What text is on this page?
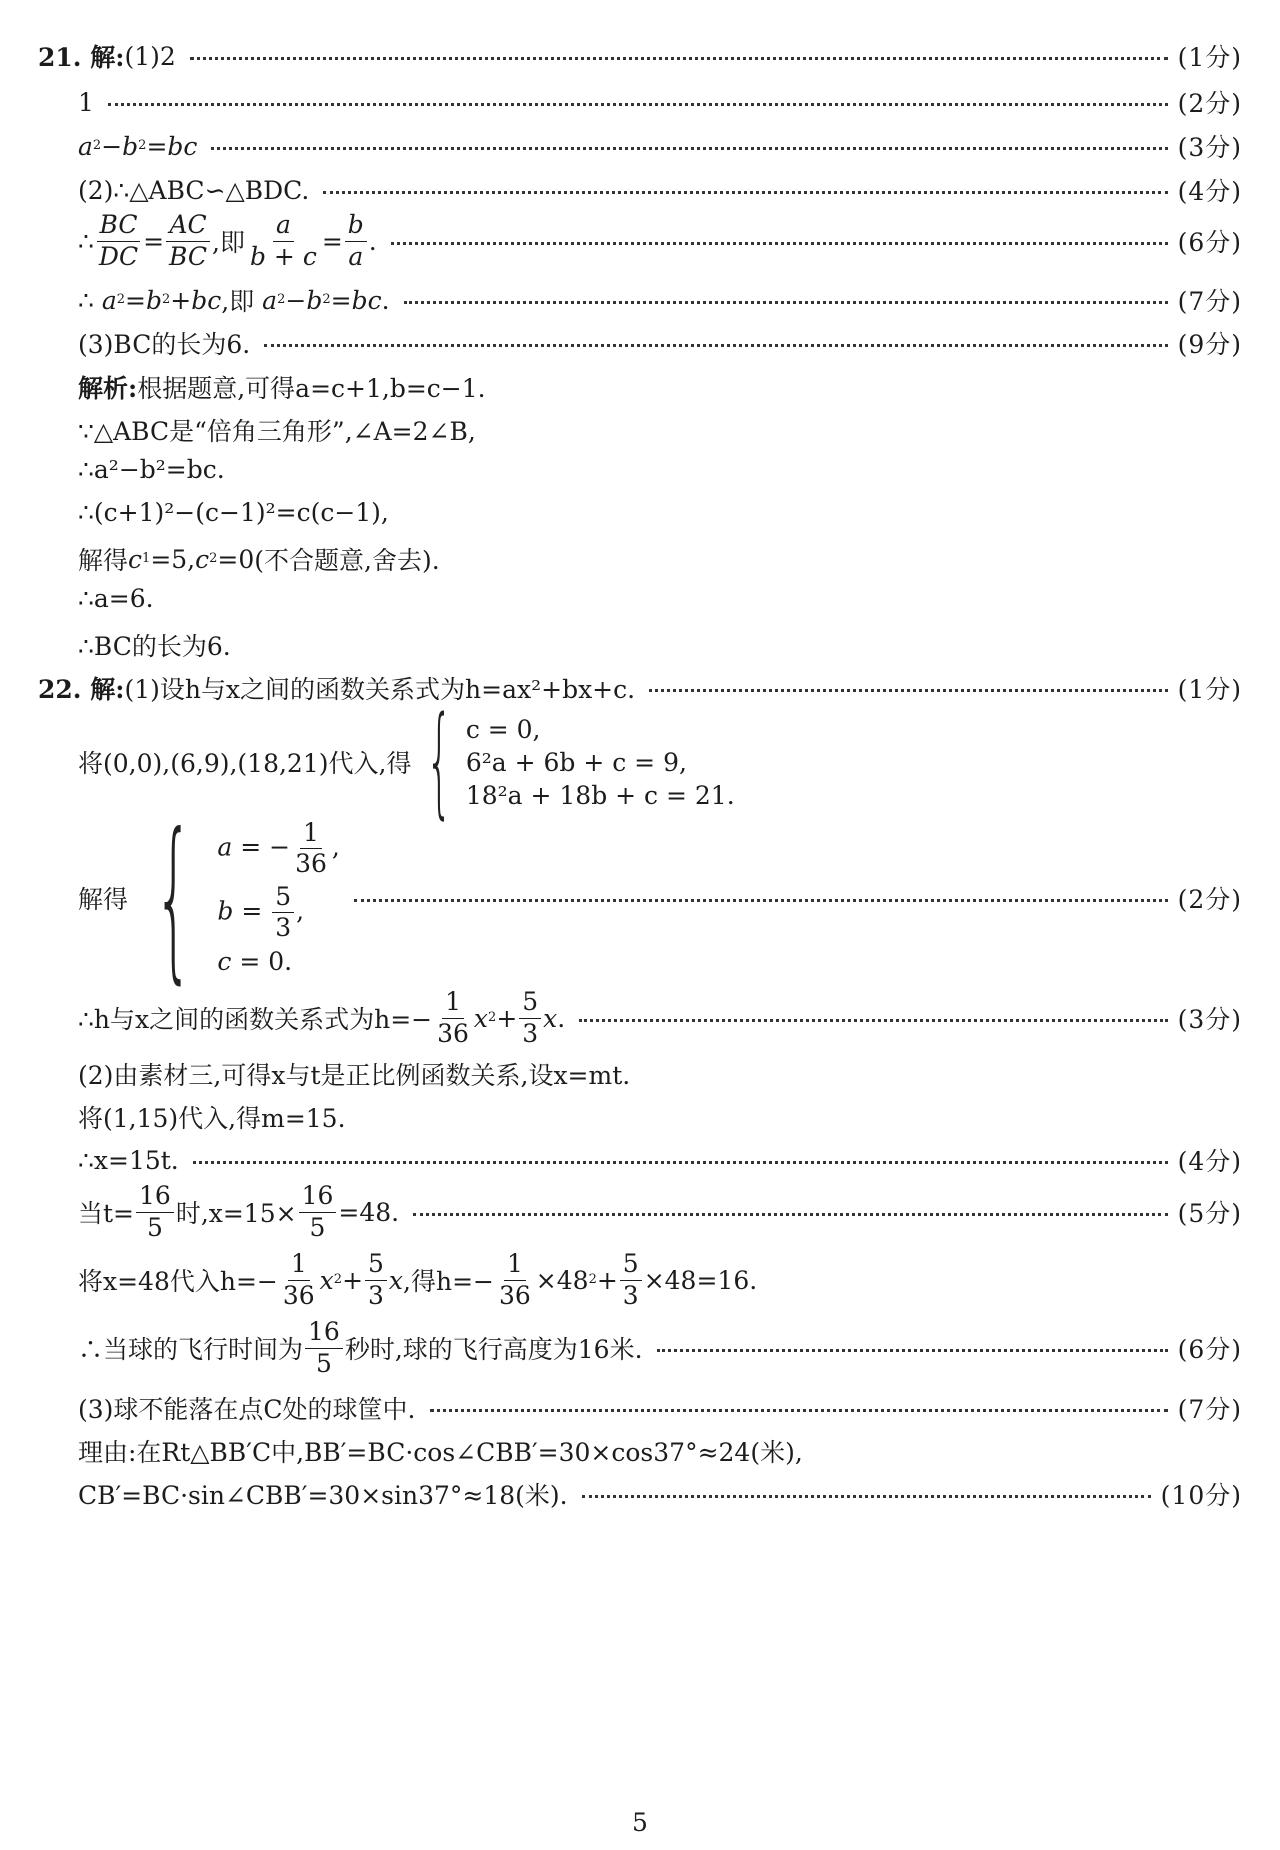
21. 解: (1)2	(1分)
1	(2分)
a 2 − b 2 = bc	(3分)
(2)∴△ABC∽△BDC.	(4分)
∴ $\frac{BC}{DC} = \frac{AC}{BC}$ ,即 $\frac{a}{b + c} = \frac{b}{a}$ .	(6分)
∴ a 2 = b 2 + bc ,即 a 2 − b 2 = bc .	(7分)
(3)BC的长为6.	(9分)
解析: 根据题意,可得a=c+1,b=c−1.
∵△ABC是“倍角三角形”,∠A=2∠B,
∴a²−b²=bc.
∴(c+1)²−(c−1)²=c(c−1),
解得 c 1 =5, c 2 =0 (不合题意,舍去).
∴a=6.
∴BC的长为6.
22. 解: (1)设h与x之间的函数关系式为h=ax²+bx+c.	(1分)
将(0,0),(6,9),(18,21)代入,得 { c = 0,
6²a + 6b + c = 9,
18²a + 18b + c = 21.
解得 { a = − $\frac{1}{36}$ ,
$b = \frac{5}{3}$ ,
c = 0.
(2分)
∴h与x之间的函数关系式为$h=- \frac{1}{36}$ x $2 + \frac{5}{3}$ x .	(3分)
(2)由素材三,可得x与t是正比例函数关系,设x=mt.
将(1,15)代入,得m=15.
∴x=15t.	(4分)
当$t= \frac{16}{5}$ 时$,x=15\times \frac{16}{5} =48$.	(5分)
将x=48代入$h=- \frac{1}{36}$ x $2 + \frac{5}{3}$ x ,得$h=- \frac{1}{36} \times 48$ $2 + \frac{5}{3} \times 48=16$.
∴当球的飞行时间为 $\frac{16}{5}$ 秒时,球的飞行高度为16米.	(6分)
(3)球不能落在点C处的球筐中.	(7分)
理由:在Rt△BB′C中,BB′=BC·cos∠CBB′=30×cos37°≈24(米),
CB′=BC·sin∠CBB′=30×sin37°≈18(米).	(10分)
5
